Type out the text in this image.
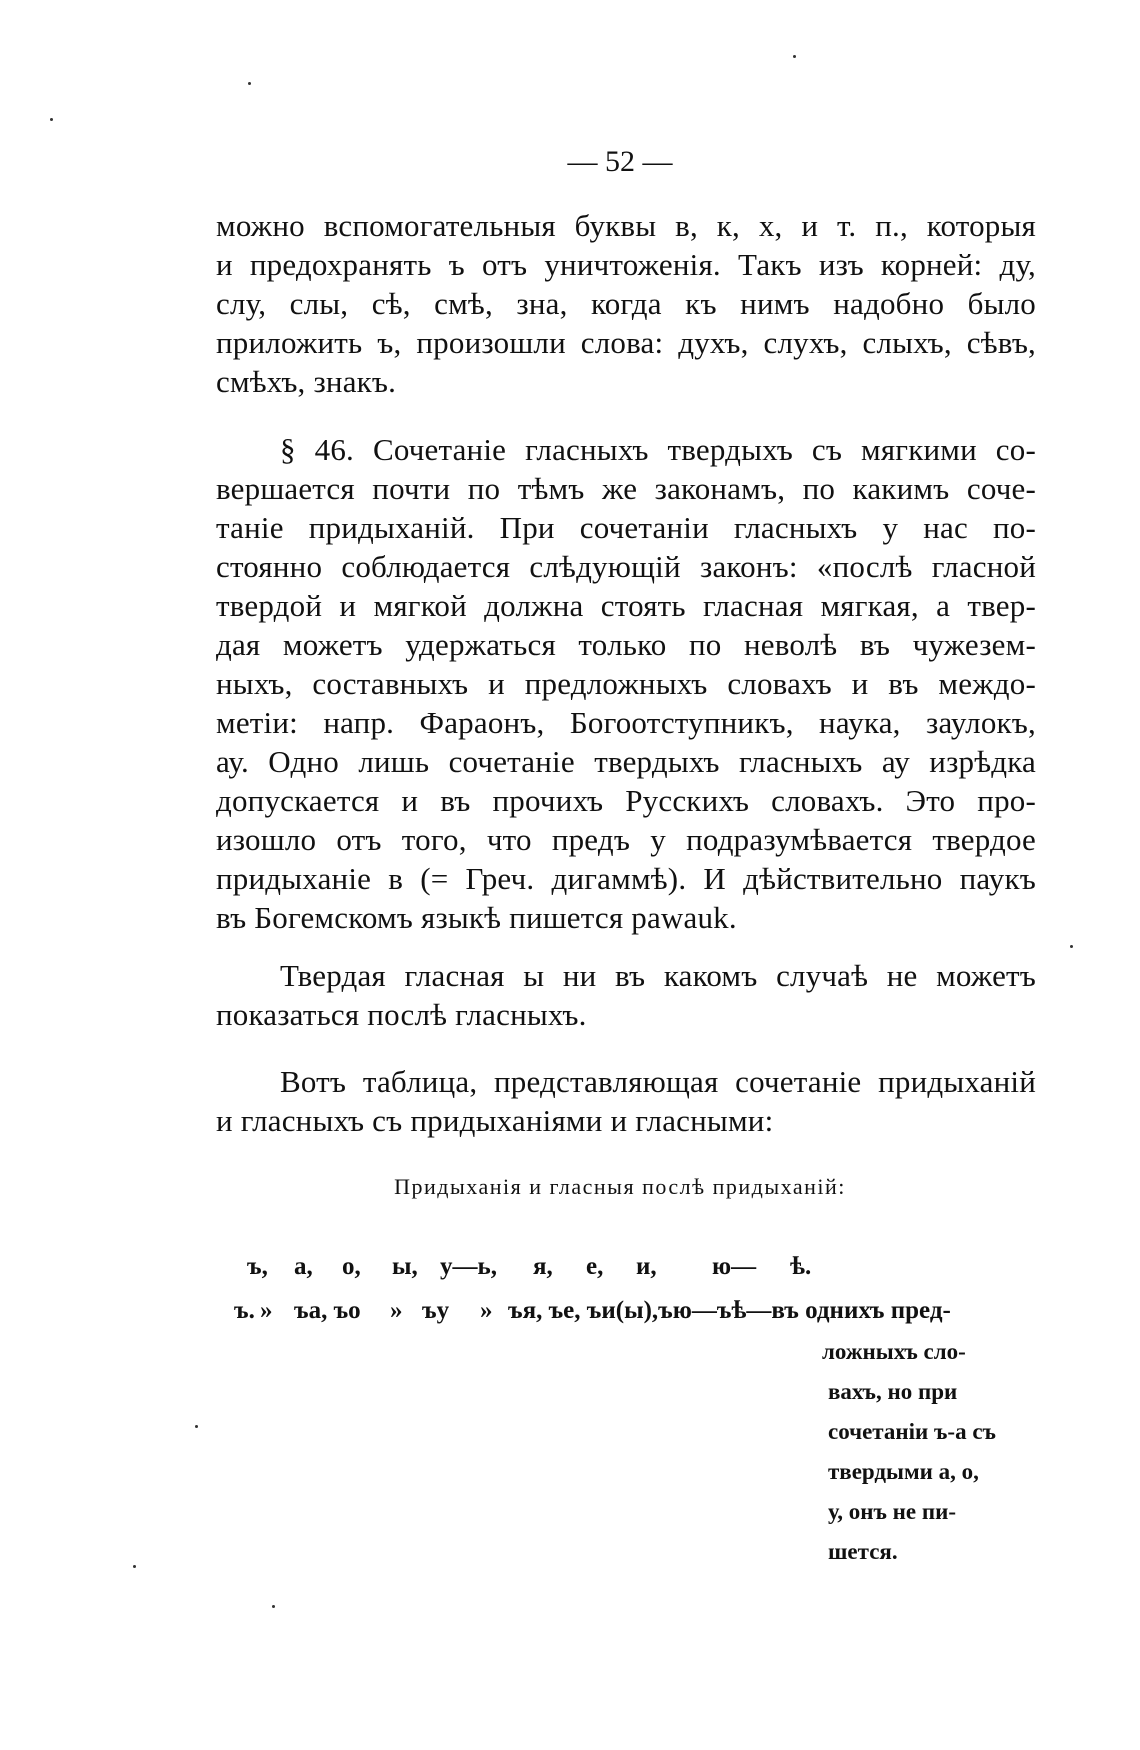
— 52 —
можно вспомогательныя буквы в, к, х, и т. п., которыя
и предохранять ъ отъ уничтоженія. Такъ изъ корней: ду,
слу, слы, сѣ, смѣ, зна, когда къ нимъ надобно было
приложить ъ, произошли слова: духъ, слухъ, слыхъ, сѣвъ,
смѣхъ, знакъ.
§ 46. Сочетаніе гласныхъ твердыхъ съ мягкими со-
вершается почти по тѣмъ же законамъ, по какимъ соче-
таніе придыханій. При сочетаніи гласныхъ у нас по-
стоянно соблюдается слѣдующій законъ: «послѣ гласной
твердой и мягкой должна стоять гласная мягкая, а твер-
дая можетъ удержаться только по неволѣ въ чужезем-
ныхъ, составныхъ и предложныхъ словахъ и въ междо-
метіи: напр. Фараонъ, Богоотступникъ, наука, заулокъ,
ау. Одно лишь сочетаніе твердыхъ гласныхъ ау изрѣдка
допускается и въ прочихъ Русскихъ словахъ. Это про-
изошло отъ того, что предъ у подразумѣвается твердое
придыханіе в (= Греч. дигаммѣ). И дѣйствительно паукъ
въ Богемскомъ языкѣ пишется pawauk.
Твердая гласная ы ни въ какомъ случаѣ не можетъ
показаться послѣ гласныхъ.
Вотъ таблица, представляющая сочетаніе придыханій
и гласныхъ съ придыханіями и гласными:
Придыханія и гласныя послѣ придыханій:
ъ, а, о, ы, у—ь, я, е, и, ю— ѣ.
ъ. » ъа, ъо » ъу » ъя, ъе, ъи(ы),ъю—ъѣ—въ однихъ пред-
ложныхъ сло-
вахъ, но при
сочетаніи ъ-а съ
твердыми а, о,
у, онъ не пи-
шется.
